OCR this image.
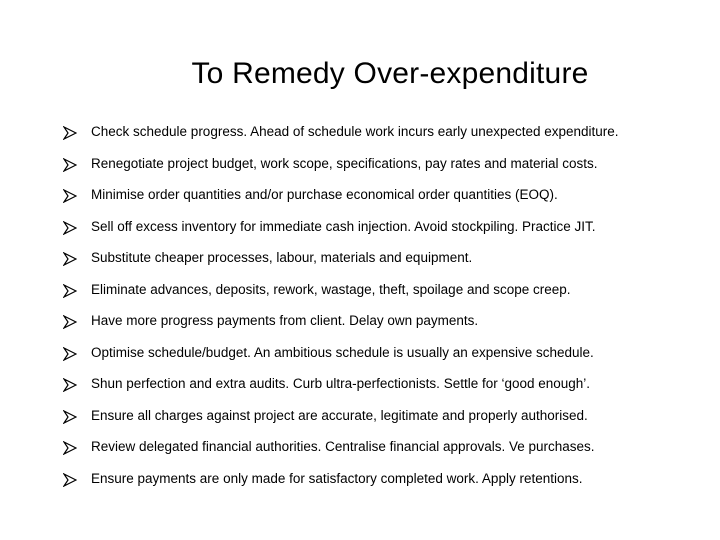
To Remedy Over-expenditure
Check schedule progress. Ahead of schedule work incurs early unexpected expenditure.
Renegotiate project budget, work scope, specifications, pay rates and material costs.
Minimise order quantities and/or purchase economical order quantities (EOQ).
Sell off excess inventory for immediate cash injection. Avoid stockpiling. Practice JIT.
Substitute cheaper processes, labour, materials and equipment.
Eliminate advances, deposits, rework, wastage, theft, spoilage and scope creep.
Have more progress payments from client. Delay own payments.
Optimise schedule/budget. An ambitious schedule is usually an expensive schedule.
Shun perfection and extra audits. Curb ultra-perfectionists. Settle for ‘good enough’.
Ensure all charges against project are accurate, legitimate and properly authorised.
Review delegated financial authorities. Centralise financial approvals. Ve purchases.
Ensure payments are only made for satisfactory completed work. Apply retentions.
